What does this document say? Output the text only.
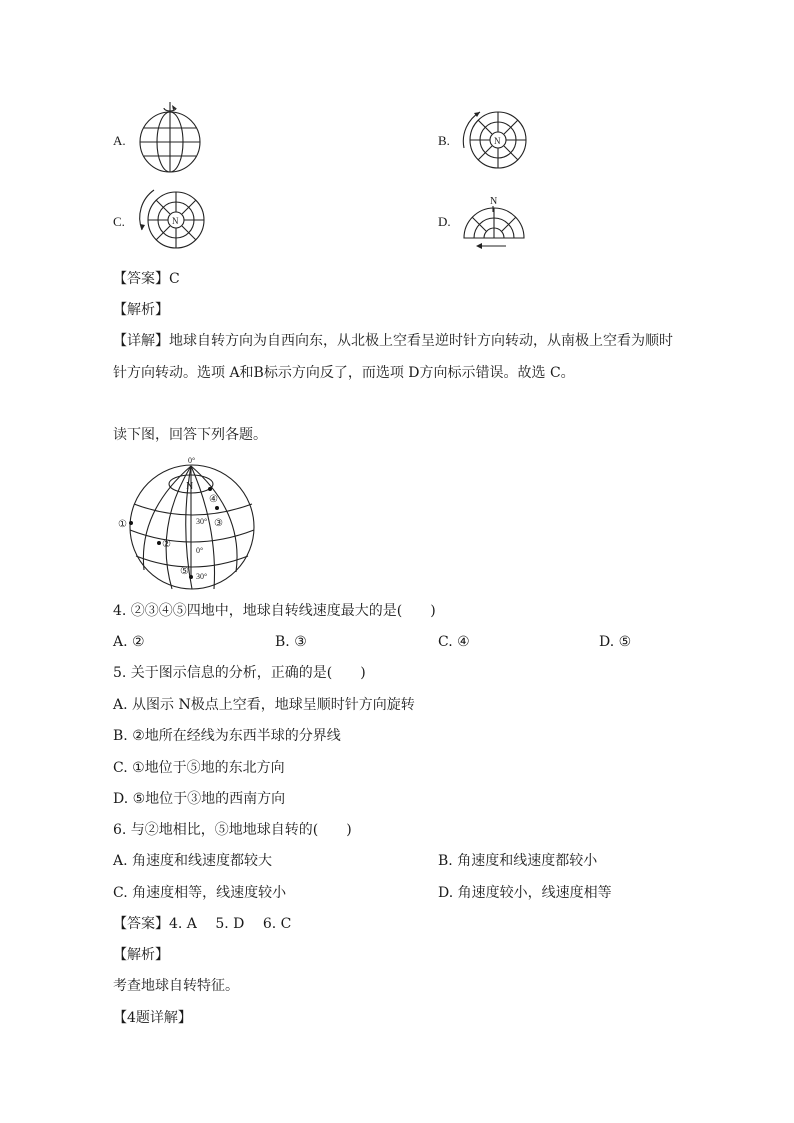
A.	B.	N
C.	N	D.
N
【答案】C
【解析】
【详解】地球自转方向为自西向东，从北极上空看呈逆时针方向转动，从南极上空看为顺时
针方向转动。选项 A和B标示方向反了，而选项 D方向标示错误。故选 C。
读下图，回答下列各题。
0°
N
30°
0°
30°
①
②
③
④
⑤
4. ②③④⑤四地中，地球自转线速度最大的是(　　)
A. ②	B. ③	C. ④	D. ⑤
5. 关于图示信息的分析，正确的是(　　)
A. 从图示 N极点上空看，地球呈顺时针方向旋转
B. ②地所在经线为东西半球的分界线
C. ①地位于⑤地的东北方向
D. ⑤地位于③地的西南方向
6. 与②地相比，⑤地地球自转的(　　)
A. 角速度和线速度都较大	B. 角速度和线速度都较小
C. 角速度相等，线速度较小	D. 角速度较小，线速度相等
【答案】4. A　 5. D　 6. C
【解析】
考查地球自转特征。
【4题详解】
